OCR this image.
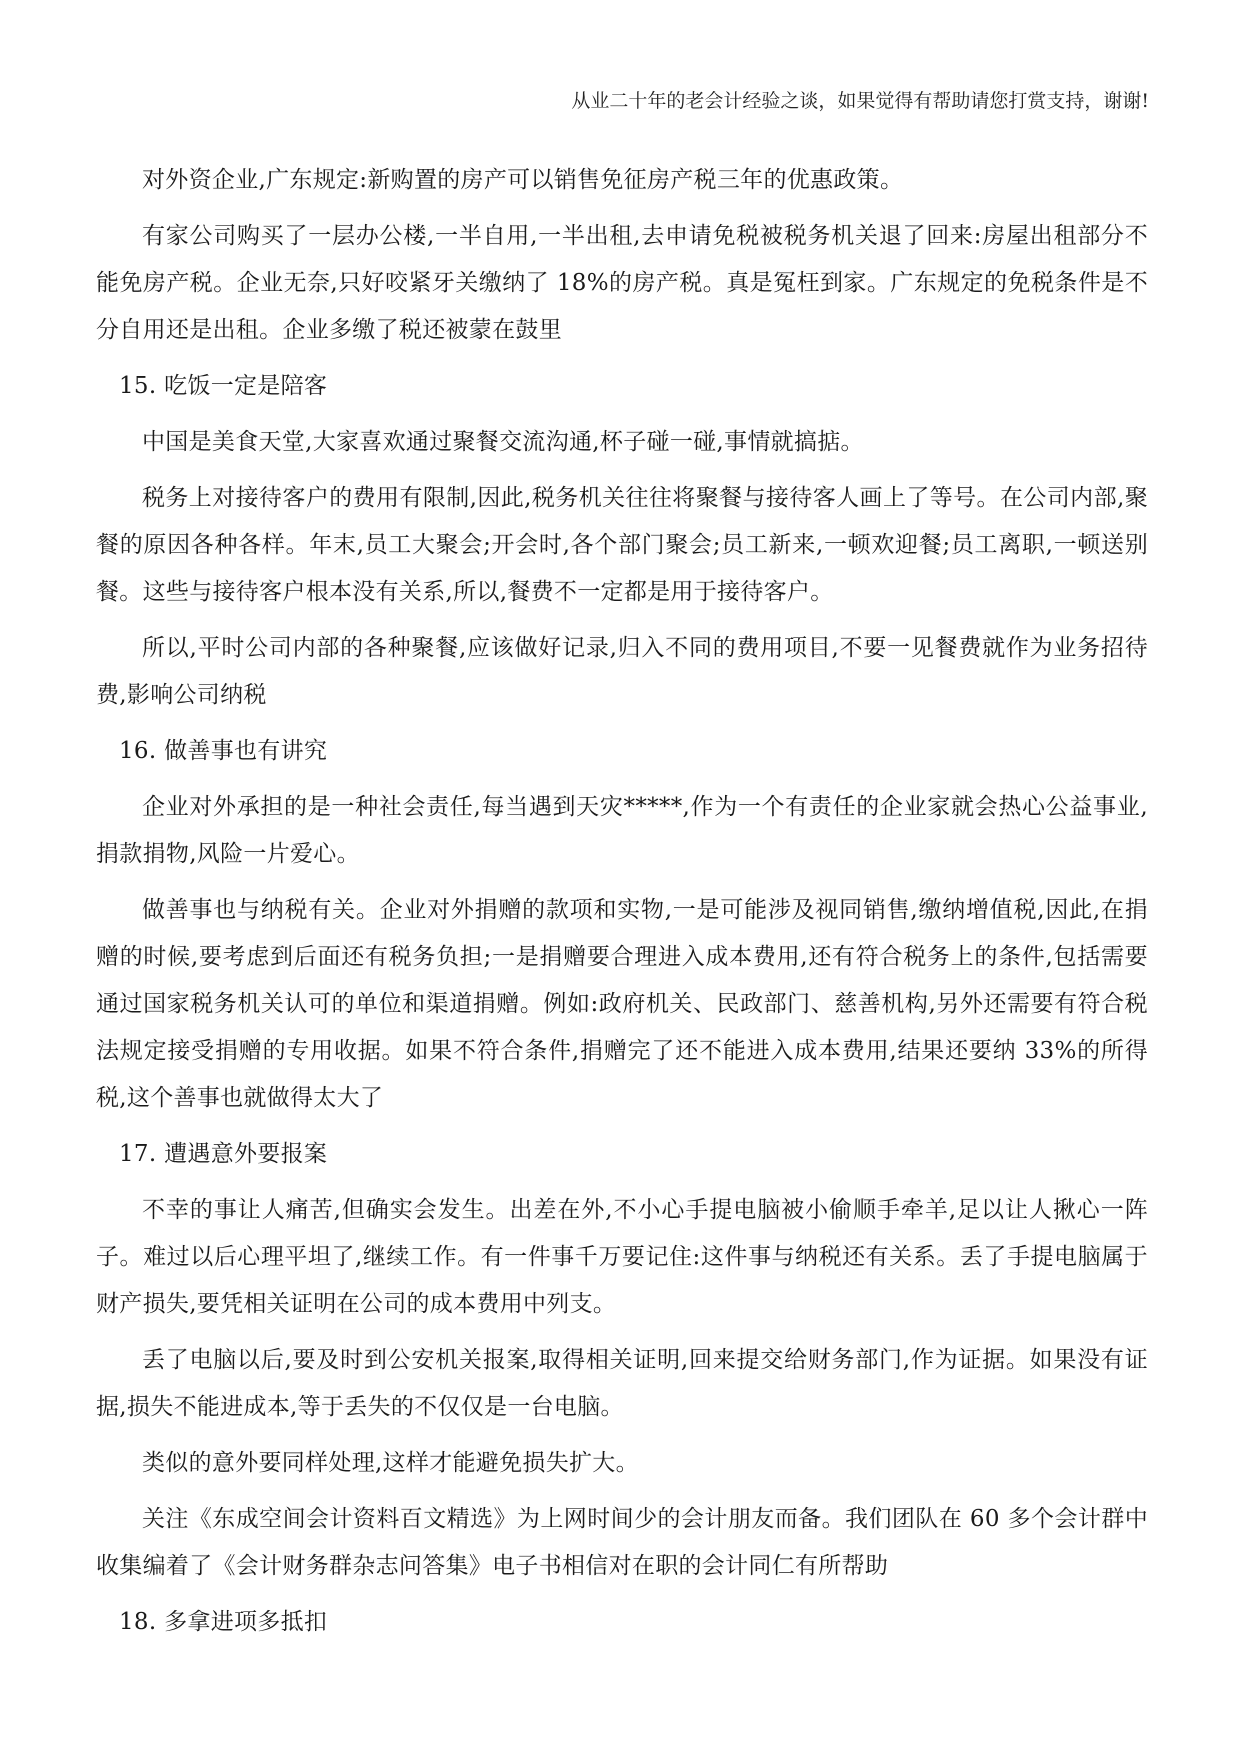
从业二十年的老会计经验之谈，如果觉得有帮助请您打赏支持，谢谢!

对外资企业,广东规定:新购置的房产可以销售免征房产税三年的优惠政策。

有家公司购买了一层办公楼,一半自用,一半出租,去申请免税被税务机关退了回来:房屋出租部分不能免房产税。企业无奈,只好咬紧牙关缴纳了 18%的房产税。真是冤枉到家。广东规定的免税条件是不分自用还是出租。企业多缴了税还被蒙在鼓里

15. 吃饭一定是陪客

中国是美食天堂,大家喜欢通过聚餐交流沟通,杯子碰一碰,事情就搞掂。

税务上对接待客户的费用有限制,因此,税务机关往往将聚餐与接待客人画上了等号。在公司内部,聚餐的原因各种各样。年末,员工大聚会;开会时,各个部门聚会;员工新来,一顿欢迎餐;员工离职,一顿送别餐。这些与接待客户根本没有关系,所以,餐费不一定都是用于接待客户。

所以,平时公司内部的各种聚餐,应该做好记录,归入不同的费用项目,不要一见餐费就作为业务招待费,影响公司纳税

16. 做善事也有讲究

企业对外承担的是一种社会责任,每当遇到天灾*****,作为一个有责任的企业家就会热心公益事业,捐款捐物,风险一片爱心。

做善事也与纳税有关。企业对外捐赠的款项和实物,一是可能涉及视同销售,缴纳增值税,因此,在捐赠的时候,要考虑到后面还有税务负担;一是捐赠要合理进入成本费用,还有符合税务上的条件,包括需要通过国家税务机关认可的单位和渠道捐赠。例如:政府机关、民政部门、慈善机构,另外还需要有符合税法规定接受捐赠的专用收据。如果不符合条件,捐赠完了还不能进入成本费用,结果还要纳 33%的所得税,这个善事也就做得太大了

17. 遭遇意外要报案

不幸的事让人痛苦,但确实会发生。出差在外,不小心手提电脑被小偷顺手牵羊,足以让人揪心一阵子。难过以后心理平坦了,继续工作。有一件事千万要记住:这件事与纳税还有关系。丢了手提电脑属于财产损失,要凭相关证明在公司的成本费用中列支。

丢了电脑以后,要及时到公安机关报案,取得相关证明,回来提交给财务部门,作为证据。如果没有证据,损失不能进成本,等于丢失的不仅仅是一台电脑。

类似的意外要同样处理,这样才能避免损失扩大。

关注《东成空间会计资料百文精选》为上网时间少的会计朋友而备。我们团队在 60 多个会计群中收集编着了《会计财务群杂志问答集》电子书相信对在职的会计同仁有所帮助

18. 多拿进项多抵扣
